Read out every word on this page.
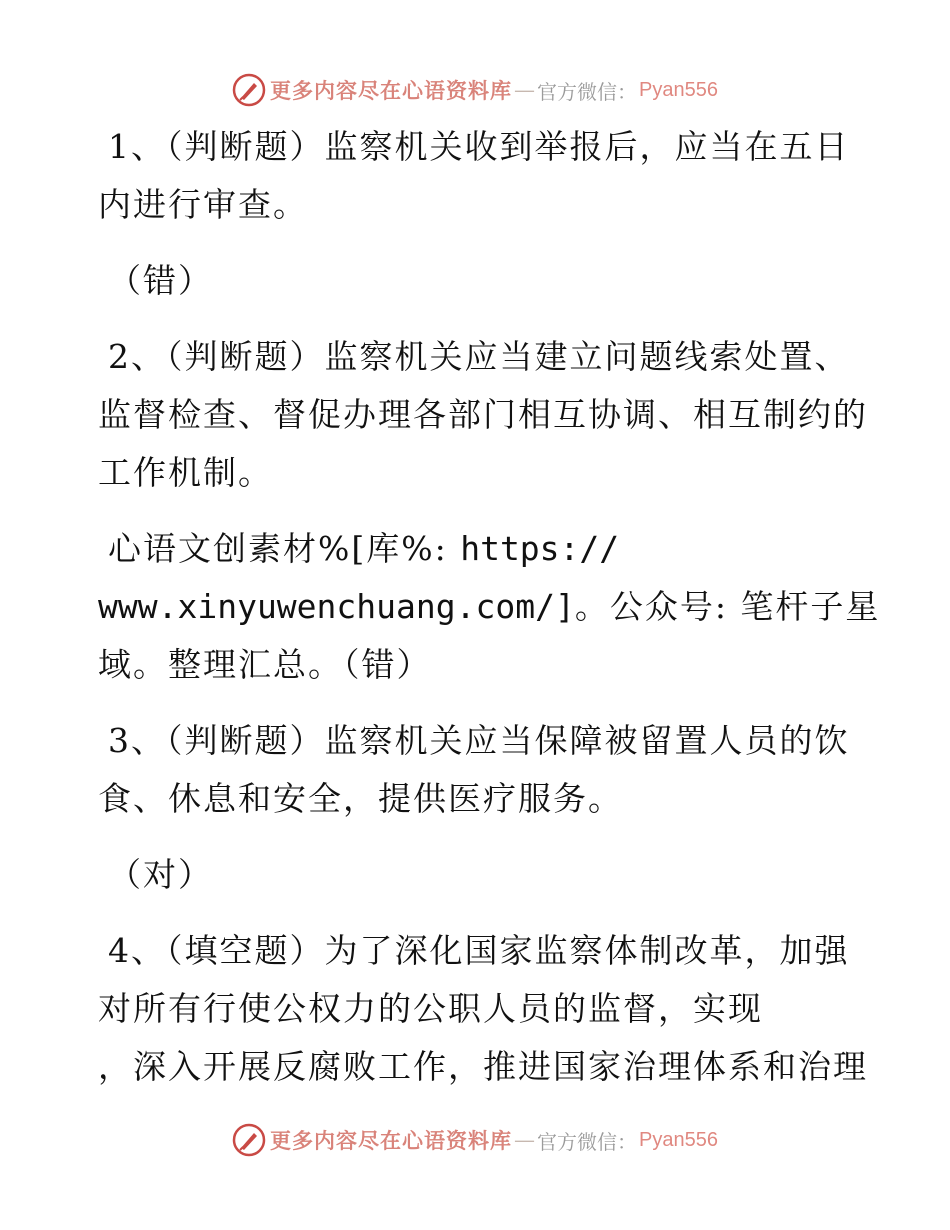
更多内容尽在心语资料库 — 官方微信： Pyan556

1、（判断题）监察机关收到举报后，应当在五日
内进行审查。

（错）

2、（判断题）监察机关应当建立问题线索处置、
监督检查、督促办理各部门相互协调、相互制约的
工作机制。

心语文创素材%[库%: https://
www.xinyuwenchuang.com/]。公众号: 笔杆子星
域。整理汇总。（错）

3、（判断题）监察机关应当保障被留置人员的饮
食、休息和安全，提供医疗服务。

（对）

4、（填空题）为了深化国家监察体制改革，加强
对所有行使公权力的公职人员的监督，实现
，深入开展反腐败工作，推进国家治理体系和治理

更多内容尽在心语资料库 — 官方微信： Pyan556
